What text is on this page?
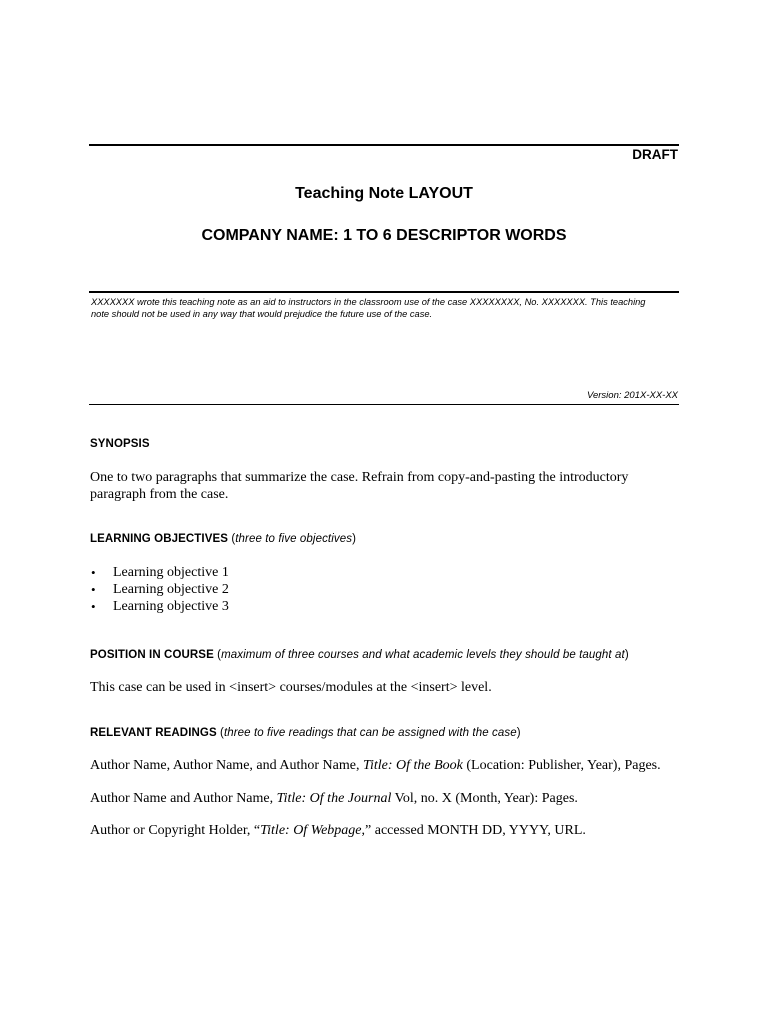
DRAFT
Teaching Note LAYOUT
COMPANY NAME: 1 TO 6 DESCRIPTOR WORDS
XXXXXXX wrote this teaching note as an aid to instructors in the classroom use of the case XXXXXXXX, No. XXXXXXX. This teaching
note should not be used in any way that would prejudice the future use of the case.
Version: 201X-XX-XX
SYNOPSIS
One to two paragraphs that summarize the case. Refrain from copy-and-pasting the introductory paragraph from the case.
LEARNING OBJECTIVES (three to five objectives)
• Learning objective 1
• Learning objective 2
• Learning objective 3
POSITION IN COURSE (maximum of three courses and what academic levels they should be taught at)
This case can be used in <insert> courses/modules at the <insert> level.
RELEVANT READINGS (three to five readings that can be assigned with the case)
Author Name, Author Name, and Author Name, Title: Of the Book (Location: Publisher, Year), Pages.
Author Name and Author Name, Title: Of the Journal Vol, no. X (Month, Year): Pages.
Author or Copyright Holder, “Title: Of Webpage,” accessed MONTH DD, YYYY, URL.
